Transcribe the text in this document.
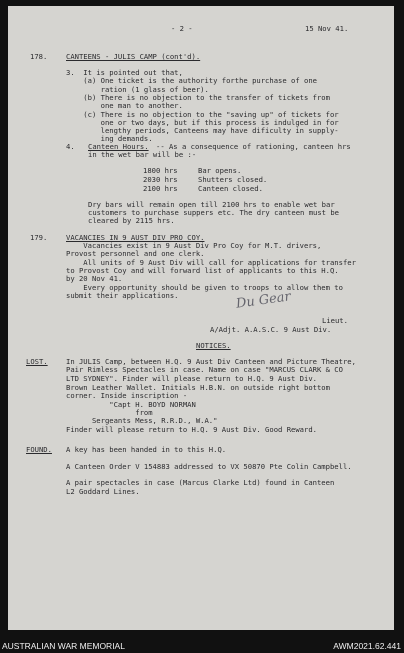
- 2 -	15 Nov 41.
178.	CANTEENS - JULIS CAMP (cont'd).
3.  It is pointed out that,
(a) One ticket is the authority forthe purchase of one
ration (1 glass of beer).
(b) There is no objection to the transfer of tickets from
one man to another.
(c) There is no objection to the "saving up" of tickets for
one or two days, but if this process is indulged in for
lengthy periods, Canteens may have dificulty in supply-
ing demands.
4. Canteen Hours. -- As a consequence of rationing, canteen hrs
in the wet bar will be :-
1800 hrs	Bar opens.
2030 hrs	Shutters closed.
2100 hrs	Canteen closed.
Dry bars will remain open till 2100 hrs to enable wet bar
customers to purchase suppers etc. The dry canteen must be
cleared by 2115 hrs.
179.	VACANCIES IN 9 AUST DIV PRO COY.
Vacancies exist in 9 Aust Div Pro Coy for M.T. drivers,
Provost personnel and one clerk.
All units of 9 Aust Div will call for applications for transfer
to Provost Coy and will forward list of applicants to this H.Q.
by 20 Nov 41.
Every opportunity should be given to troops to allow them to
submit their applications.	Du Gear
Lieut.
A/Adjt. A.A.S.C. 9 Aust Div.
NOTICES.
LOST.	In JULIS Camp, between H.Q. 9 Aust Div Canteen and Picture Theatre,
Pair Rimless Spectacles in case. Name on case "MARCUS CLARK & CO
LTD SYDNEY". Finder will please return to H.Q. 9 Aust Div.
Brown Leather Wallet. Initials H.B.N. on outside right bottom
corner. Inside inscription -
"Capt H. BOYD NORMAN
from
Sergeants Mess, R.R.D., W.A."
Finder will please return to H.Q. 9 Aust Div. Good Reward.
FOUND. A key has been handed in to this H.Q.
A Canteen Order V 154883 addressed to VX 50870 Pte Colin Campbell.
A pair spectacles in case (Marcus Clarke Ltd) found in Canteen
L2 Goddard Lines.
AUSTRALIAN WAR MEMORIAL	AWM2021.62.441
